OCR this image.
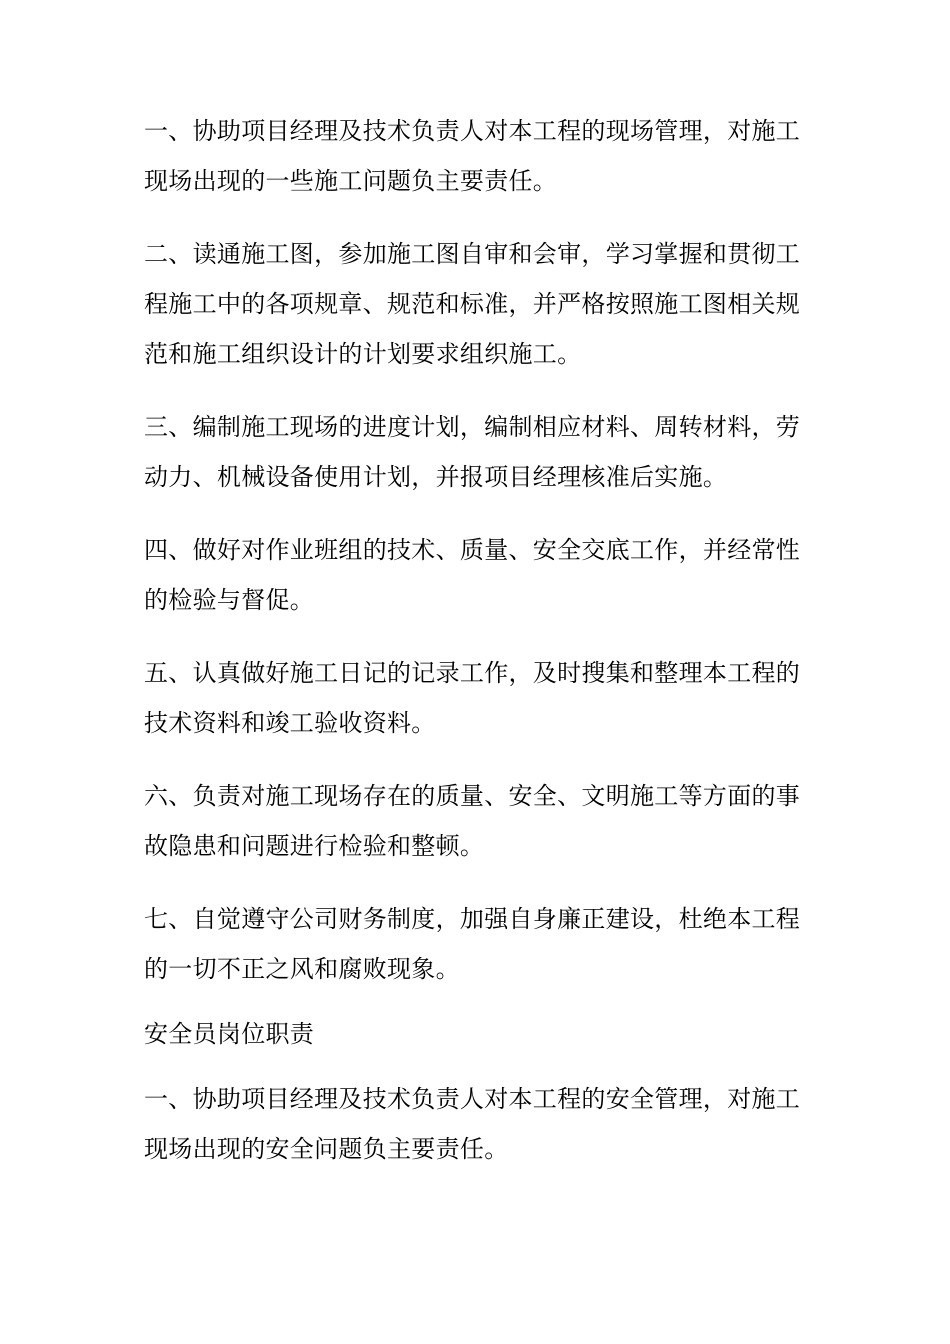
一、协助项目经理及技术负责人对本工程的现场管理，对施工现场出现的一些施工问题负主要责任。

二、读通施工图，参加施工图自审和会审，学习掌握和贯彻工程施工中的各项规章、规范和标准，并严格按照施工图相关规范和施工组织设计的计划要求组织施工。

三、编制施工现场的进度计划，编制相应材料、周转材料，劳动力、机械设备使用计划，并报项目经理核准后实施。

四、做好对作业班组的技术、质量、安全交底工作，并经常性的检验与督促。

五、认真做好施工日记的记录工作，及时搜集和整理本工程的技术资料和竣工验收资料。

六、负责对施工现场存在的质量、安全、文明施工等方面的事故隐患和问题进行检验和整顿。

七、自觉遵守公司财务制度，加强自身廉正建设，杜绝本工程的一切不正之风和腐败现象。

安全员岗位职责

一、协助项目经理及技术负责人对本工程的安全管理，对施工现场出现的安全问题负主要责任。
